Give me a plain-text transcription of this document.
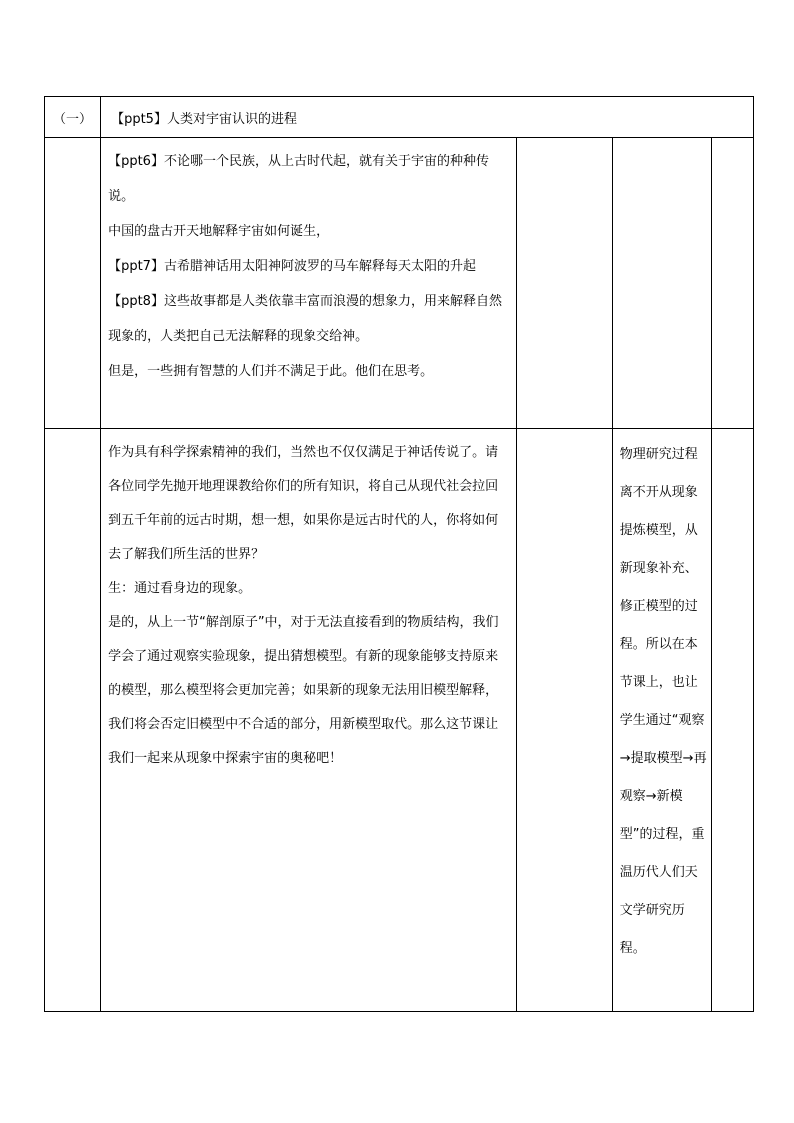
（一）	【ppt5】人类对宇宙认识的进程			

	【ppt6】不论哪一个民族，从上古时代起，就有关于宇宙的种种传说。

中国的盘古开天地解释宇宙如何诞生，

【ppt7】古希腊神话用太阳神阿波罗的马车解释每天太阳的升起

【ppt8】这些故事都是人类依靠丰富而浪漫的想象力，用来解释自然现象的，人类把自己无法解释的现象交给神。

但是，一些拥有智慧的人们并不满足于此。他们在思考。			

	作为具有科学探索精神的我们，当然也不仅仅满足于神话传说了。请各位同学先抛开地理课教给你们的所有知识，将自己从现代社会拉回到五千年前的远古时期，想一想，如果你是远古时代的人，你将如何去了解我们所生活的世界？

生：通过看身边的现象。

是的，从上一节“解剖原子”中，对于无法直接看到的物质结构，我们学会了通过观察实验现象，提出猜想模型。有新的现象能够支持原来的模型，那么模型将会更加完善；如果新的现象无法用旧模型解释，我们将会否定旧模型中不合适的部分，用新模型取代。那么这节课让我们一起来从现象中探索宇宙的奥秘吧！		物理研究过程离不开从现象提炼模型，从新现象补充、修正模型的过程。所以在本节课上，也让学生通过“观察→提取模型→再观察→新模型”的过程，重温历代人们天文学研究历程。	
